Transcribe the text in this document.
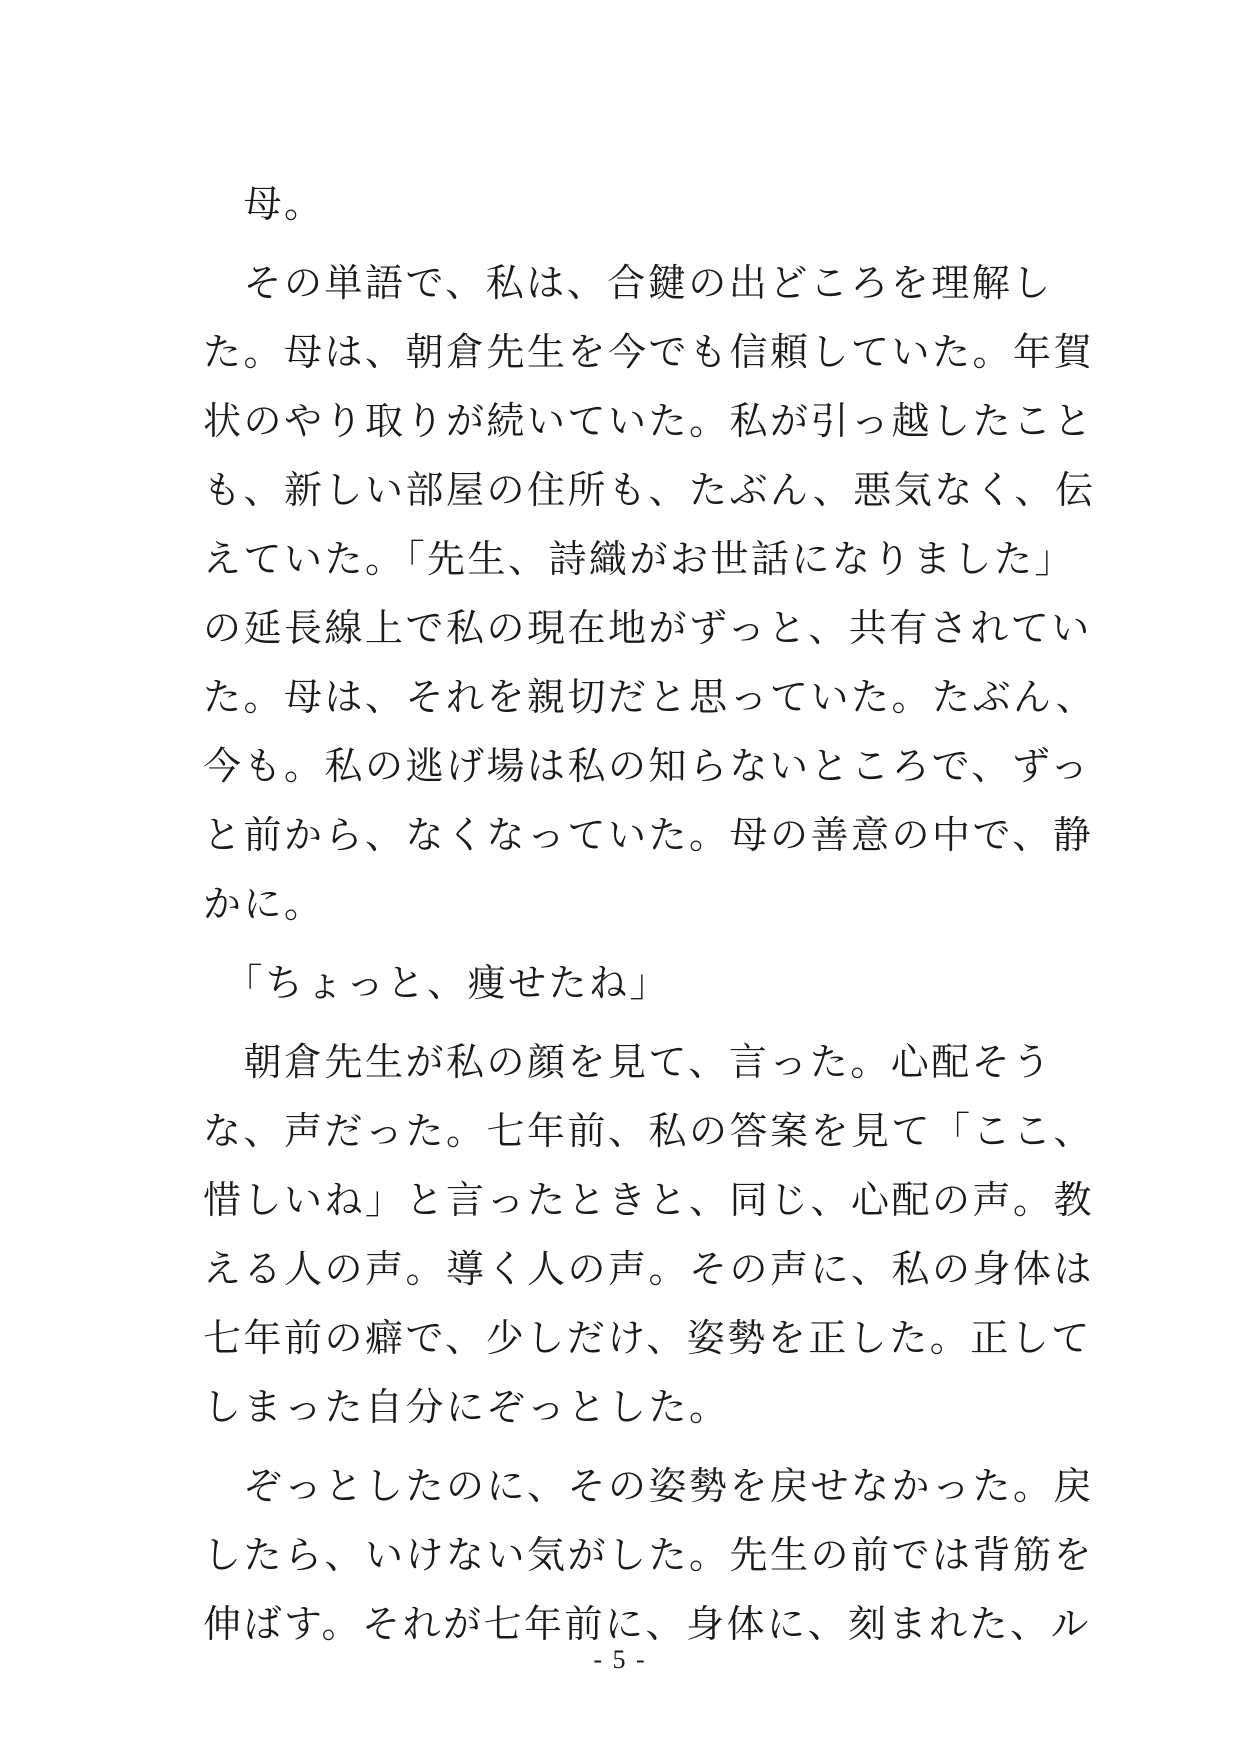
　母。
　その単語で、私は、合鍵の出どころを理解し
た。母は、朝倉先生を今でも信頼していた。年賀
状のやり取りが続いていた。私が引っ越したこと
も、新しい部屋の住所も、たぶん、悪気なく、伝
えていた。「先生、詩織がお世話になりました」
の延長線上で私の現在地がずっと、共有されてい
た。母は、それを親切だと思っていた。たぶん、
今も。私の逃げ場は私の知らないところで、ずっ
と前から、なくなっていた。母の善意の中で、静
かに。
　「ちょっと、痩せたね」
　朝倉先生が私の顔を見て、言った。心配そう
な、声だった。七年前、私の答案を見て「ここ、
惜しいね」と言ったときと、同じ、心配の声。教
える人の声。導く人の声。その声に、私の身体は
七年前の癖で、少しだけ、姿勢を正した。正して
しまった自分にぞっとした。
　ぞっとしたのに、その姿勢を戻せなかった。戻
したら、いけない気がした。先生の前では背筋を
伸ばす。それが七年前に、身体に、刻まれた、ル
- 5 -
